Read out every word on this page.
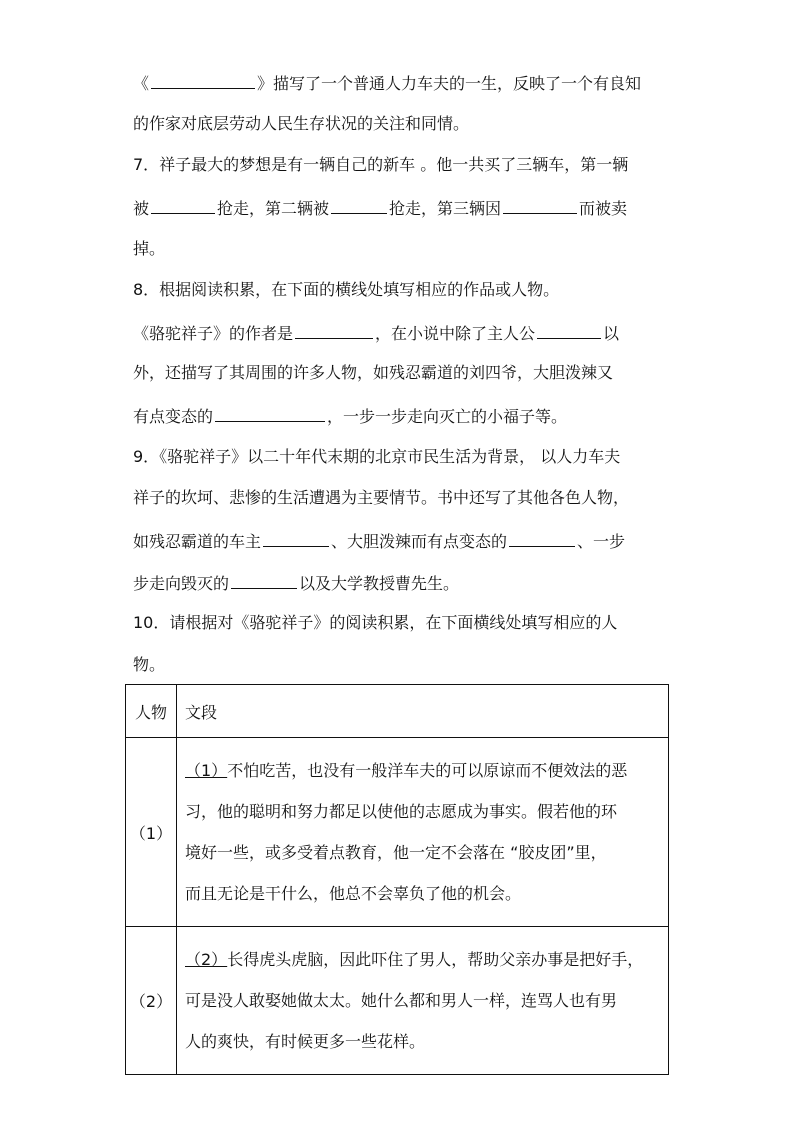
《	》描写了一个普通人力车夫的一生，反映了一个有良知
的作家对底层劳动人民生存状况的关注和同情。
7．祥子最大的梦想是有一辆自己的新车 。他一共买了三辆车，第一辆
被	抢走，第二辆被	抢走，第三辆因	而被卖
掉。
8．根据阅读积累，在下面的横线处填写相应的作品或人物。
《骆驼祥子》的作者是	，在小说中除了主人公	以
外，还描写了其周围的许多人物，如残忍霸道的刘四爷，大胆泼辣又
有点变态的	，一步一步走向灭亡的小福子等。
9．《骆驼祥子》以二十年代末期的北京市民生活为背景， 以人力车夫
祥子的坎坷、悲惨的生活遭遇为主要情节。书中还写了其他各色人物，
如残忍霸道的车主	、大胆泼辣而有点变态的	、一步
步走向毁灭的	以及大学教授曹先生。
10．请根据对《骆驼祥子》的阅读积累，在下面横线处填写相应的人
物。
人物	文段
（1）	（1）不怕吃苦，也没有一般洋车夫的可以原谅而不便效法的恶
习，他的聪明和努力都足以使他的志愿成为事实。假若他的环
境好一些，或多受着点教育，他一定不会落在 “胶皮团”里，
而且无论是干什么，他总不会辜负了他的机会。

（2）	（2）长得虎头虎脑，因此吓住了男人，帮助父亲办事是把好手，
可是没人敢娶她做太太。她什么都和男人一样，连骂人也有男
人的爽快，有时候更多一些花样。
